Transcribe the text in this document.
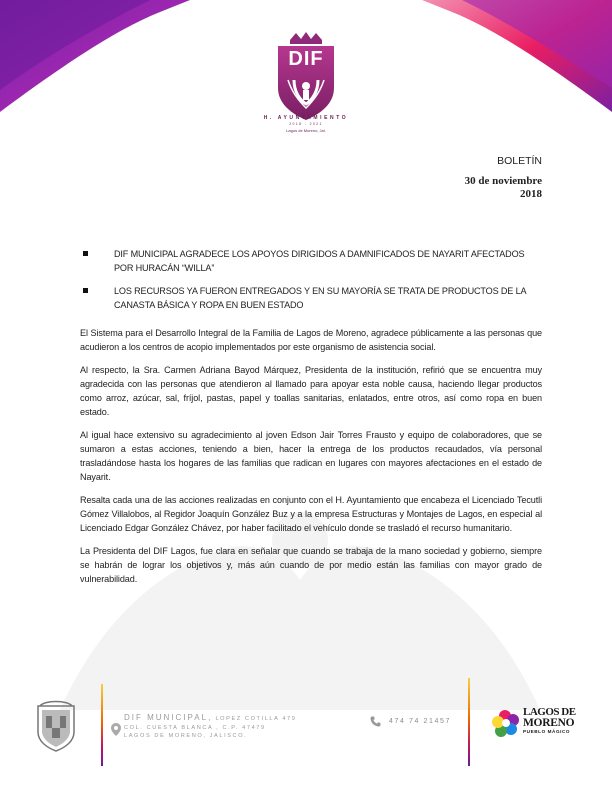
DIF
H. AYUNTAMIENTO
2018 - 2021
Lagos de Moreno, Jal.
BOLETÍN
30 de noviembre
2018
DIF MUNICIPAL AGRADECE LOS APOYOS DIRIGIDOS A DAMNIFICADOS DE NAYARIT AFECTADOS POR HURACÁN “WILLA”
LOS RECURSOS YA FUERON ENTREGADOS Y EN SU MAYORÍA SE TRATA DE PRODUCTOS DE LA CANASTA BÁSICA Y ROPA EN BUEN ESTADO

El Sistema para el Desarrollo Integral de la Familia de Lagos de Moreno, agradece públicamente a las personas que acudieron a los centros de acopio implementados por este organismo de asistencia social.

Al respecto, la Sra. Carmen Adriana Bayod Márquez, Presidenta de la institución, refirió que se encuentra muy agradecida con las personas que atendieron al llamado para apoyar esta noble causa, haciendo llegar productos como arroz, azúcar, sal, fríjol, pastas, papel y toallas sanitarias, enlatados, entre otros, así como ropa en buen estado.

Al igual hace extensivo su agradecimiento al joven Edson Jair Torres Frausto y equipo de colaboradores, que se sumaron a estas acciones, teniendo a bien, hacer la entrega de los productos recaudados, vía personal trasladándose hasta los hogares de las familias que radican en lugares con mayores afectaciones en el estado de Nayarit.

Resalta cada una de las acciones realizadas en conjunto con el H. Ayuntamiento que encabeza el Licenciado Tecutli Gómez Villalobos, al Regidor Joaquín González Buz y a la empresa Estructuras y Montajes de Lagos, en especial al Licenciado Edgar González Chávez, por haber facilitado el vehículo donde se trasladó el recurso humanitario.

La Presidenta del DIF Lagos, fue clara en señalar que cuando se trabaja de la mano sociedad y gobierno, siempre se habrán de lograr los objetivos y, más aún cuando de por medio están las familias con mayor grado de vulnerabilidad.

DIF MUNICIPAL, LOPEZ COTILLA 479
COL. CUESTA BLANCA , C.P. 47479
LAGOS DE MORENO, JALISCO.
474 74 21457
LAGOS DE
MORENO
PUEBLO MÁGICO
